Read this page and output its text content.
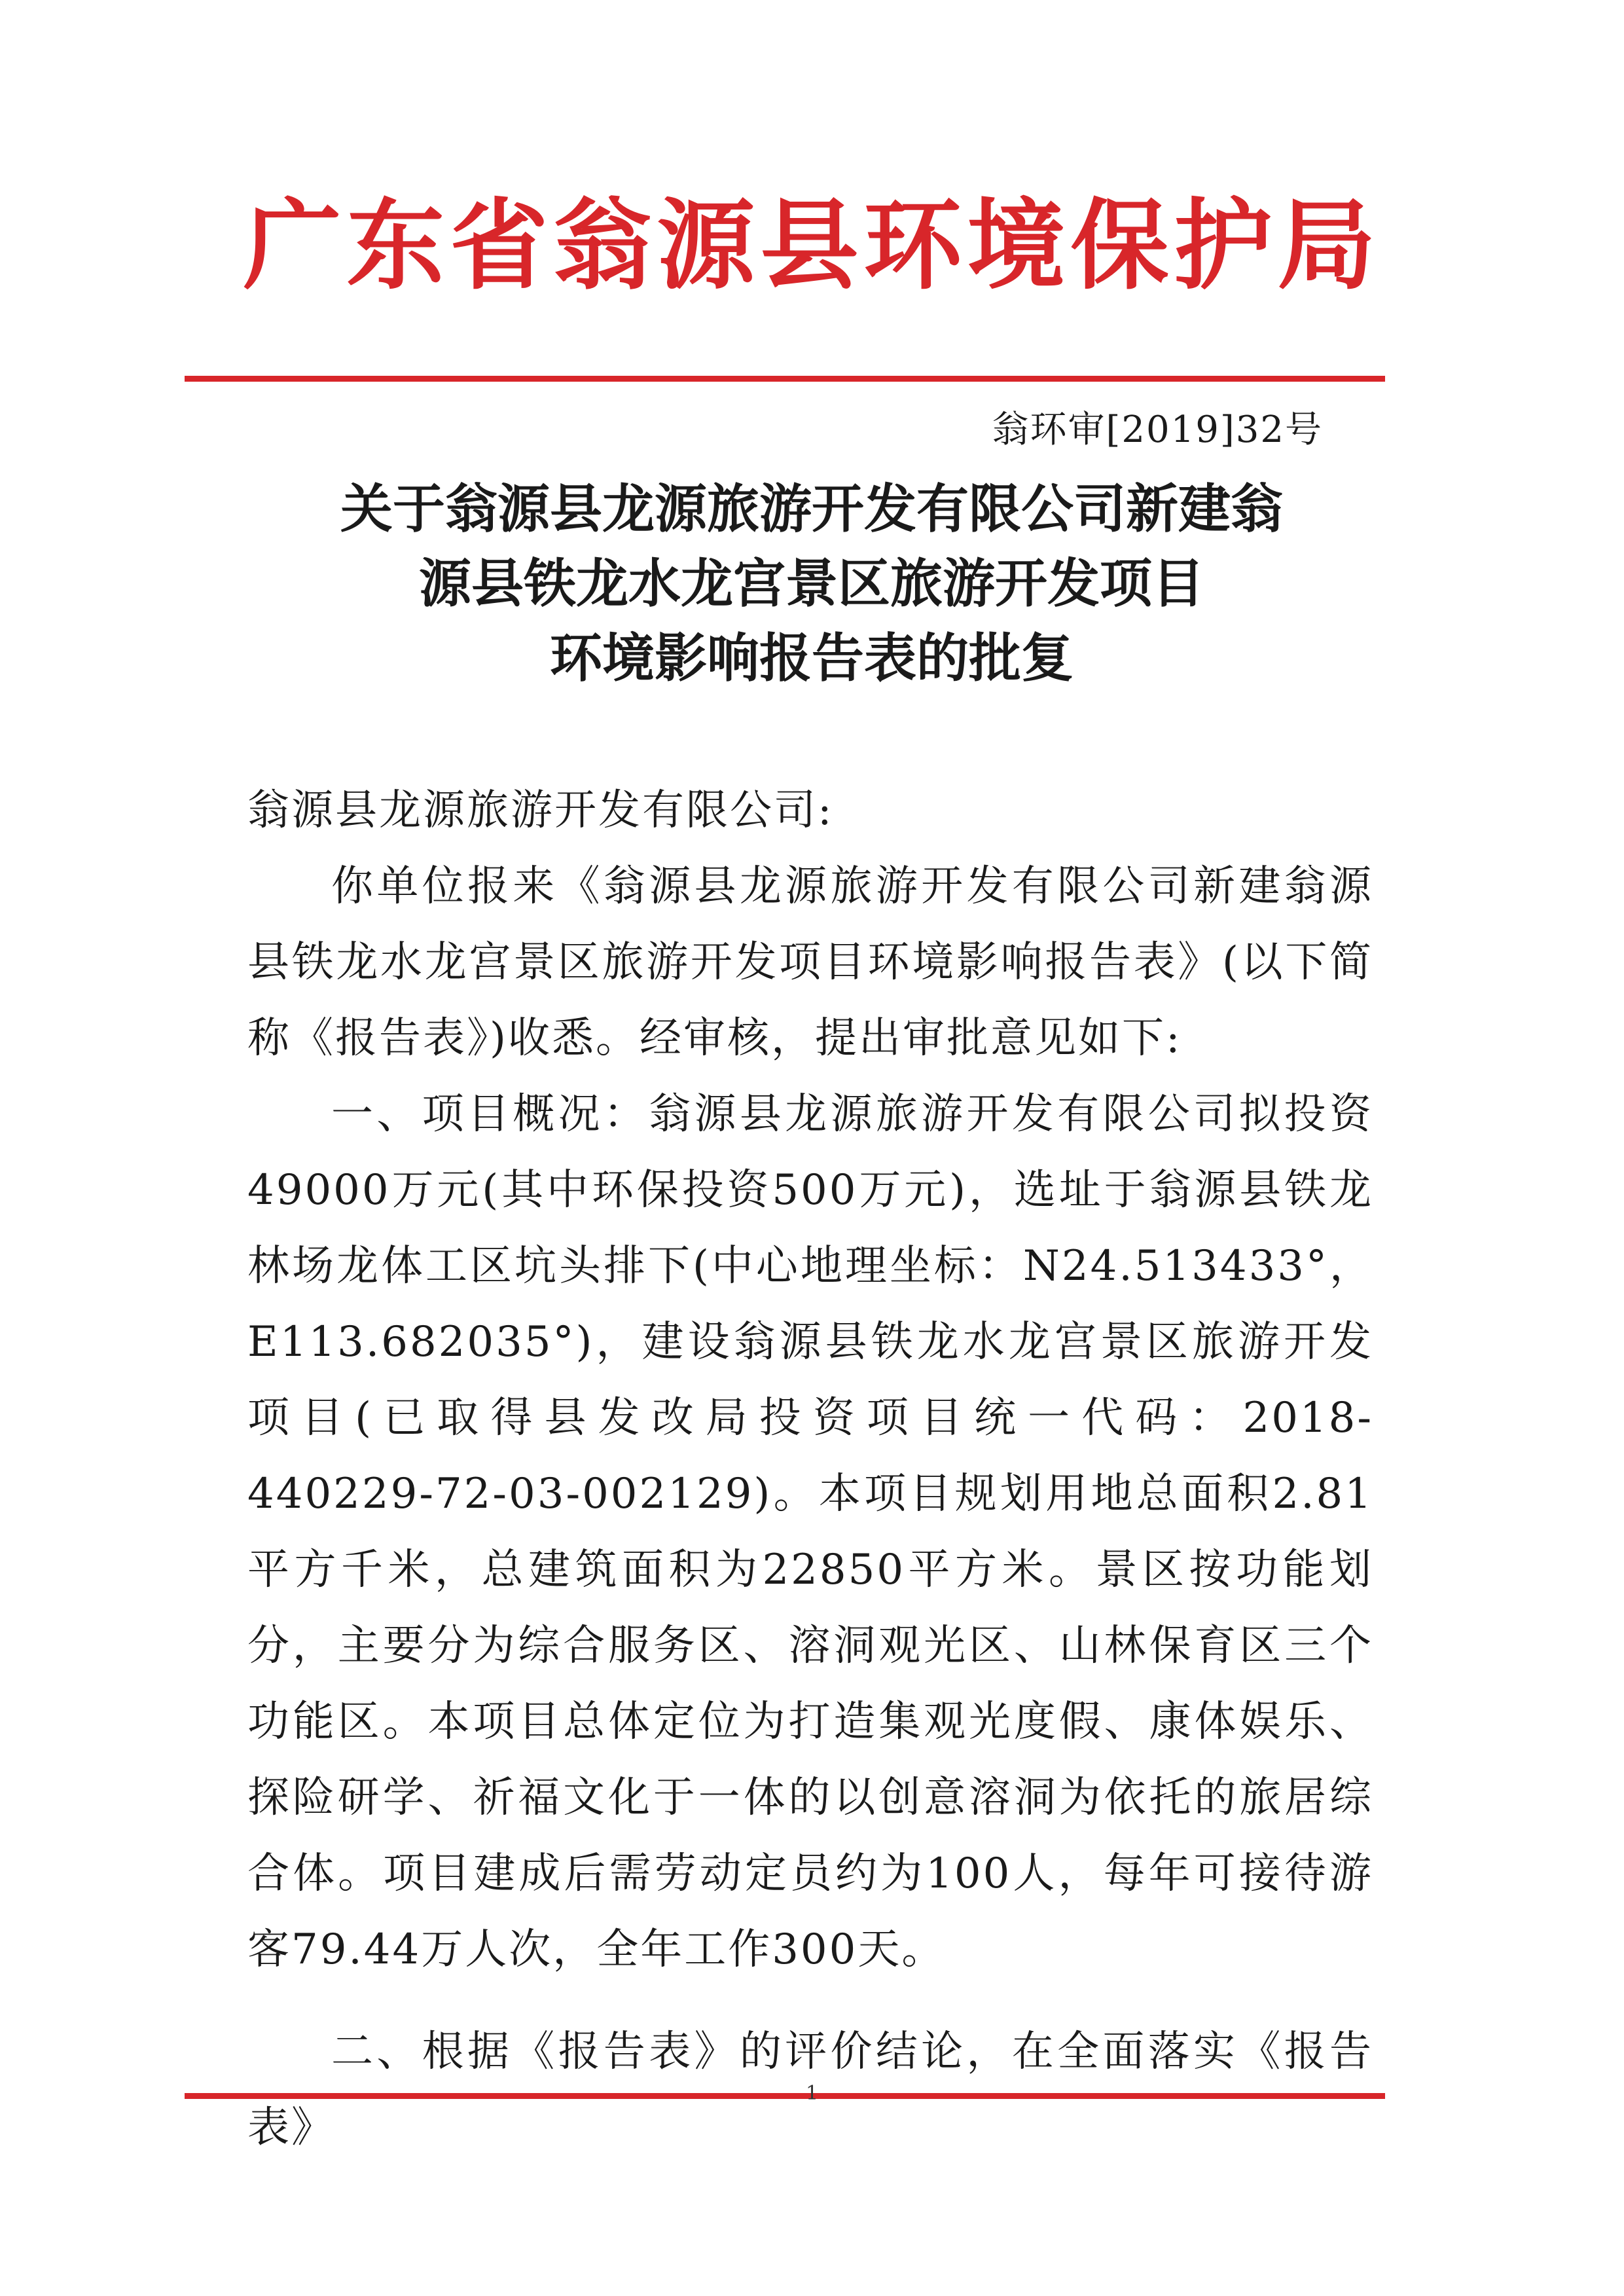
广东省翁源县环境保护局
翁环审[2019]32号
关于翁源县龙源旅游开发有限公司新建翁
源县铁龙水龙宫景区旅游开发项目
环境影响报告表的批复

翁源县龙源旅游开发有限公司:

你单位报来《翁源县龙源旅游开发有限公司新建翁源县铁龙水龙宫景区旅游开发项目环境影响报告表》(以下简称《报告表》)收悉。经审核，提出审批意见如下:

一、项目概况：翁源县龙源旅游开发有限公司拟投资49000万元(其中环保投资500万元)，选址于翁源县铁龙林场龙体工区坑头排下(中心地理坐标：N24.513433°，E113.682035°)，建设翁源县铁龙水龙宫景区旅游开发项目(已取得县发改局投资项目统一代码：2018-440229-72-03-002129)。本项目规划用地总面积2.81平方千米，总建筑面积为22850平方米。景区按功能划分，主要分为综合服务区、溶洞观光区、山林保育区三个功能区。本项目总体定位为打造集观光度假、康体娱乐、探险研学、祈福文化于一体的以创意溶洞为依托的旅居综合体。项目建成后需劳动定员约为100人，每年可接待游客79.44万人次，全年工作300天。

二、根据《报告表》的评价结论，在全面落实《报告表》

1
